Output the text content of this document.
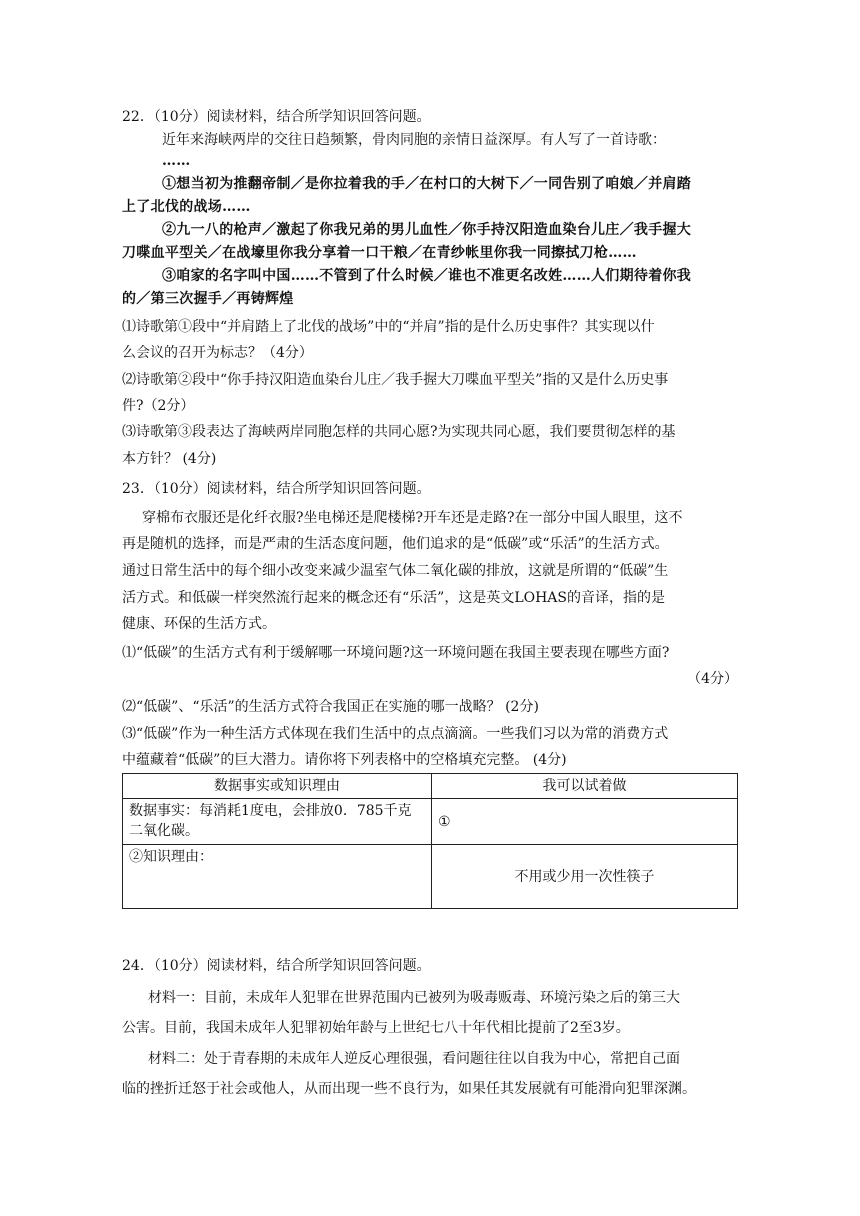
22．（10分）阅读材料，结合所学知识回答问题。
近年来海峡两岸的交往日趋频繁，骨肉同胞的亲情日益深厚。有人写了一首诗歌：
……
①想当初为推翻帝制／是你拉着我的手／在村口的大树下／一同告别了咱娘／并肩踏
上了北伐的战场……
②九一八的枪声／激起了你我兄弟的男儿血性／你手持汉阳造血染台儿庄／我手握大
刀喋血平型关／在战壕里你我分享着一口干粮／在青纱帐里你我一同擦拭刀枪……
③咱家的名字叫中国……不管到了什么时候／谁也不准更名改姓……人们期待着你我
的／第三次握手／再铸辉煌
⑴诗歌第①段中“并肩踏上了北伐的战场”中的“并肩”指的是什么历史事件？其实现以什
么会议的召开为标志？（4分）
⑵诗歌第②段中“你手持汉阳造血染台儿庄／我手握大刀喋血平型关”指的又是什么历史事
件?（2分）
⑶诗歌第③段表达了海峡两岸同胞怎样的共同心愿?为实现共同心愿，我们要贯彻怎样的基
本方针？ (4分)
23．（10分）阅读材料，结合所学知识回答问题。
穿棉布衣服还是化纤衣服?坐电梯还是爬楼梯?开车还是走路?在一部分中国人眼里，这不
再是随机的选择，而是严肃的生活态度问题，他们追求的是“低碳”或“乐活”的生活方式。
通过日常生活中的每个细小改变来减少温室气体二氧化碳的排放，这就是所谓的“低碳”生
活方式。和低碳一样突然流行起来的概念还有“乐活”，这是英文LOHAS的音译，指的是
健康、环保的生活方式。
⑴“低碳”的生活方式有利于缓解哪一环境问题?这一环境问题在我国主要表现在哪些方面?
（4分）
⑵“低碳”、“乐活”的生活方式符合我国正在实施的哪一战略？ (2分)
⑶“低碳”作为一种生活方式体现在我们生活中的点点滴滴。一些我们习以为常的消费方式
中蕴藏着“低碳”的巨大潜力。请你将下列表格中的空格填充完整。 (4分)
数据事实或知识理由	我可以试着做
数据事实：每消耗1度电，会排放0．785千克二氧化碳。	①
②知识理由：	不用或少用一次性筷子
24．（10分）阅读材料，结合所学知识回答问题。
材料一：目前，未成年人犯罪在世界范围内已被列为吸毒贩毒、环境污染之后的第三大
公害。目前，我国未成年人犯罪初始年龄与上世纪七八十年代相比提前了2至3岁。
材料二：处于青春期的未成年人逆反心理很强，看问题往往以自我为中心，常把自己面
临的挫折迁怒于社会或他人，从而出现一些不良行为，如果任其发展就有可能滑向犯罪深渊。
